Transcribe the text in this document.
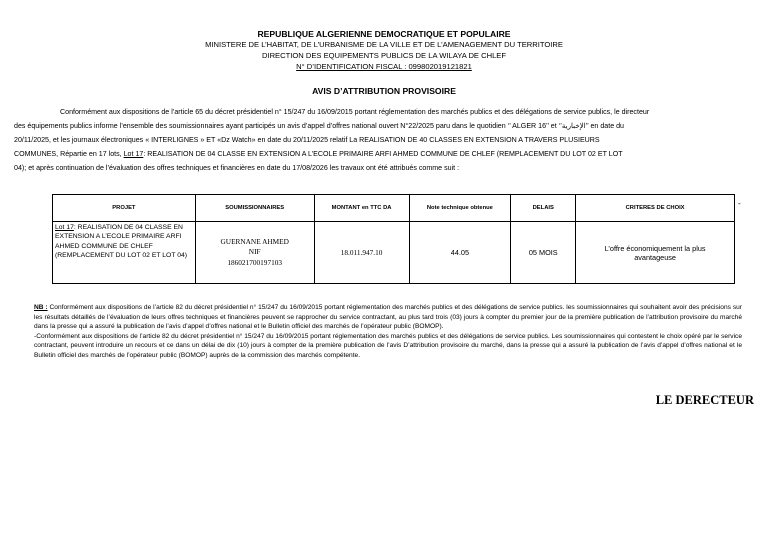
REPUBLIQUE ALGERIENNE DEMOCRATIQUE ET POPULAIRE
MINISTERE DE L’HABITAT, DE L’URBANISME DE LA VILLE ET DE L’AMENAGEMENT DU TERRITOIRE
DIRECTION DES EQUIPEMENTS PUBLICS DE LA WILAYA DE CHLEF
N° D’IDENTIFICATION FISCAL : 099802019121821
AVIS D’ATTRIBUTION PROVISOIRE
Conformément aux dispositions de l’article 65 du décret présidentiel n° 15/247 du 16/09/2015 portant réglementation des marchés publics et des délégations de service publics, le directeur
des équipements publics informe l’ensemble des soumissionnaires ayant participés un avis d’appel d’offres national ouvert N°22/2025 paru dans le quotidien ‘’ ALGER 16’’ et ‘’الإخبارية’’ en date du
20/11/2025, et les journaux électroniques « INTERLIGNES » ET «Dz Watch» en date du 20/11/2025 relatif La REALISATION DE 40 CLASSES EN EXTENSION A TRAVERS PLUSIEURS
COMMUNES, Répartie en 17 lots, Lot 17: REALISATION DE 04 CLASSE EN EXTENSION A L’ECOLE PRIMAIRE ARFI AHMED COMMUNE DE CHLEF (REMPLACEMENT DU LOT 02 ET LOT
04); et après continuation de l’évaluation des offres techniques et financières en date du 17/08/2026 les travaux ont été attribués comme suit :
PROJET	SOUMISSIONNAIRES	MONTANT en TTC DA	Note technique obtenue	DELAIS	CRITERES DE CHOIX
Lot 17: REALISATION DE 04 CLASSE EN EXTENSION A L’ECOLE PRIMAIRE ARFI AHMED COMMUNE DE CHLEF (REMPLACEMENT DU LOT 02 ET LOT 04)	GUERNANE AHMED
NIF
186021700197103	18.011.947.10	44.05	05 MOIS	L’offre économiquement la plus avantageuse
-

NB : Conformément aux dispositions de l’article 82 du décret présidentiel n° 15/247 du 16/09/2015 portant réglementation des marchés publics et des délégations de service publics. les soumissionnaires qui souhaitent avoir des précisions sur les résultats détaillés de l’évaluation de leurs offres techniques et financières peuvent se rapprocher du service contractant, au plus tard trois (03) jours à compter du premier jour de la première publication de l’attribution provisoire du marché dans la presse qui a assuré la publication de l’avis d’appel d’offres national et le Bulletin officiel des marchés de l’opérateur public (BOMOP).

-Conformément aux dispositions de l’article 82 du décret présidentiel n° 15/247 du 16/09/2015 portant réglementation des marchés publics et des délégations de service publics. Les soumissionnaires qui contestent le choix opéré par le service contractant, peuvent introduire un recours et ce dans un délai de dix (10) jours à compter de la première publication de l’avis D’attribution provisoire du marché, dans la presse qui a assuré la publication de l’avis d’appel d’offres national et le Bulletin officiel des marchés de l’opérateur public (BOMOP) auprès de la commission des marchés compétente.

LE DERECTEUR
